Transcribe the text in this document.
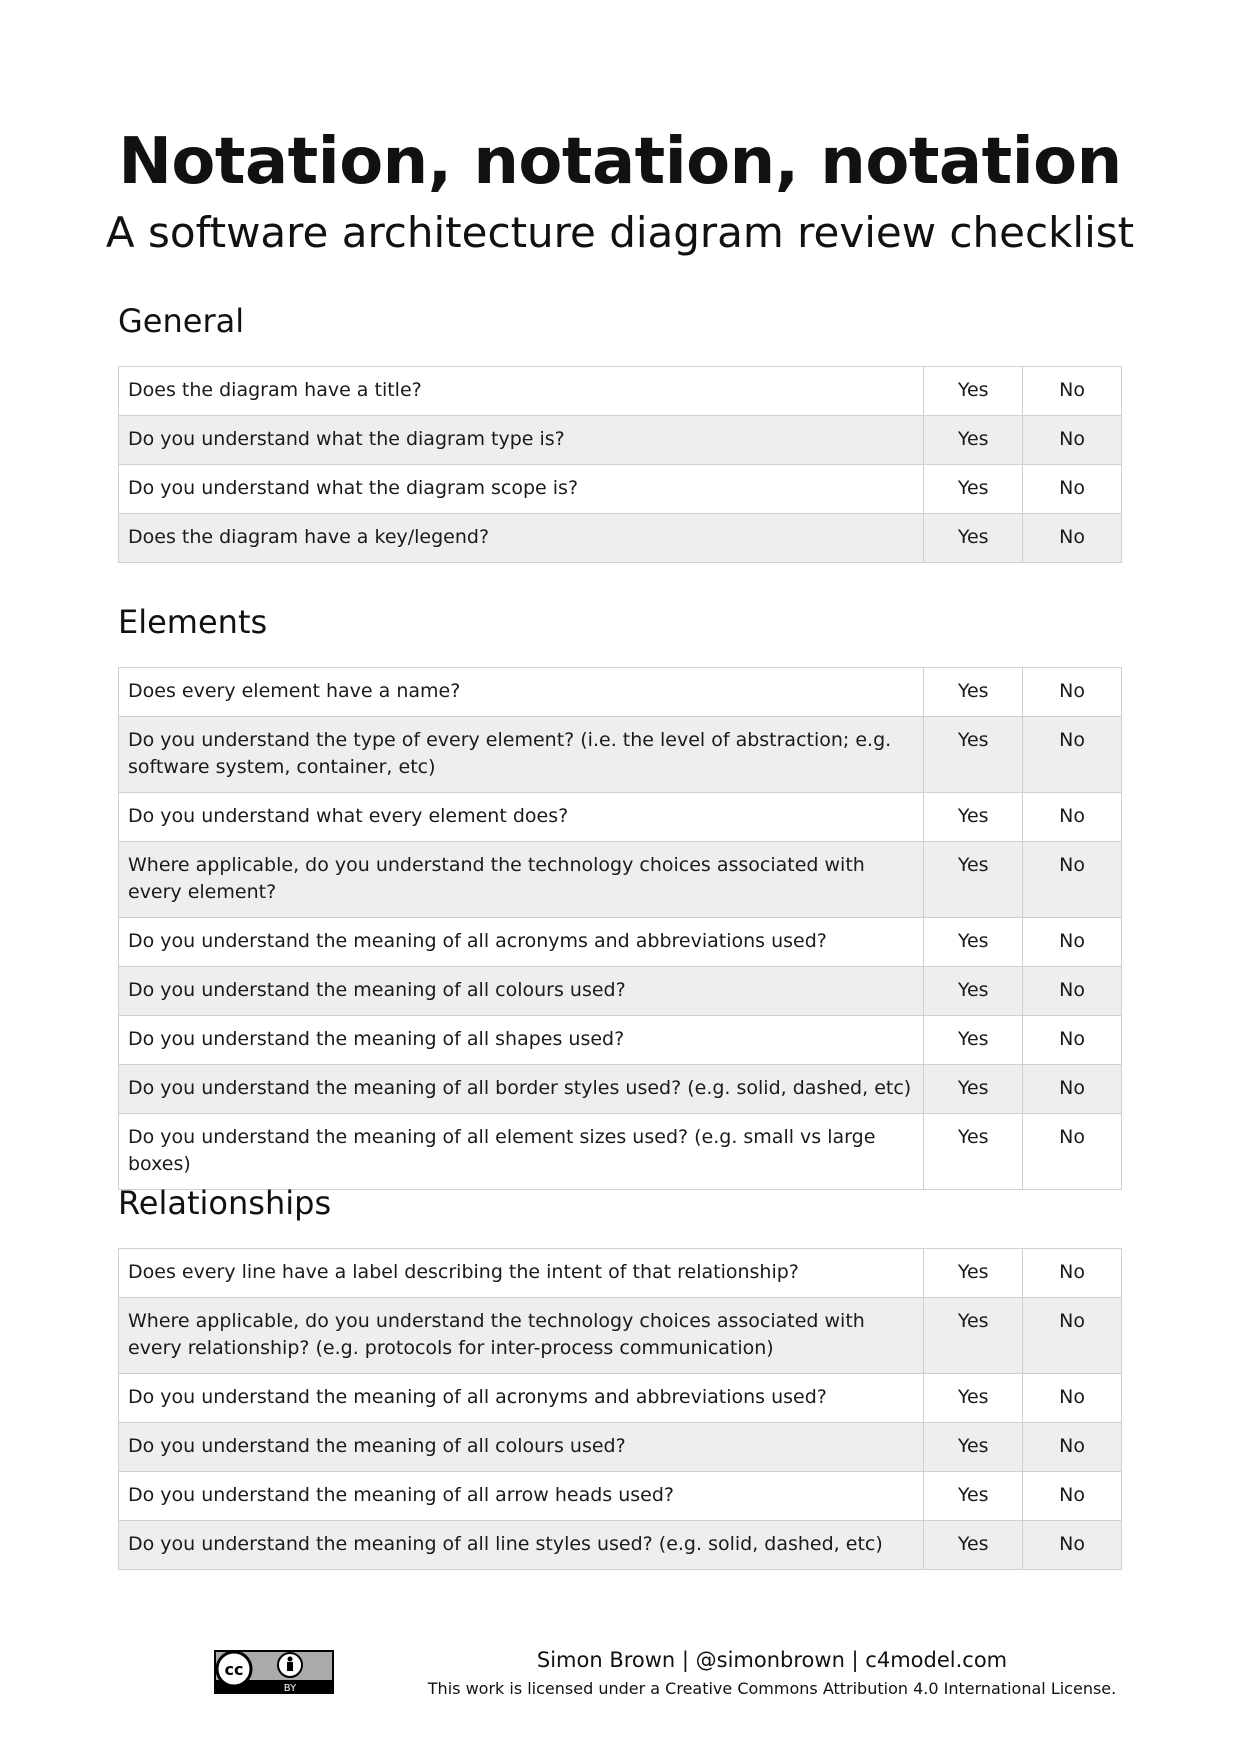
Notation, notation, notation
A software architecture diagram review checklist
General
Does the diagram have a title?	Yes	No
Do you understand what the diagram type is?	Yes	No
Do you understand what the diagram scope is?	Yes	No
Does the diagram have a key/legend?	Yes	No
Elements
Does every element have a name?	Yes	No
Do you understand the type of every element? (i.e. the level of abstraction; e.g. software system, container, etc)	Yes	No
Do you understand what every element does?	Yes	No
Where applicable, do you understand the technology choices associated with every element?	Yes	No
Do you understand the meaning of all acronyms and abbreviations used?	Yes	No
Do you understand the meaning of all colours used?	Yes	No
Do you understand the meaning of all shapes used?	Yes	No
Do you understand the meaning of all border styles used? (e.g. solid, dashed, etc)	Yes	No
Do you understand the meaning of all element sizes used? (e.g. small vs large boxes)	Yes	No
Relationships
Does every line have a label describing the intent of that relationship?	Yes	No
Where applicable, do you understand the technology choices associated with every relationship? (e.g. protocols for inter-process communication)	Yes	No
Do you understand the meaning of all acronyms and abbreviations used?	Yes	No
Do you understand the meaning of all colours used?	Yes	No
Do you understand the meaning of all arrow heads used?	Yes	No
Do you understand the meaning of all line styles used? (e.g. solid, dashed, etc)	Yes	No
cc
BY
Simon Brown | @simonbrown | c4model.com
This work is licensed under a Creative Commons Attribution 4.0 International License.
